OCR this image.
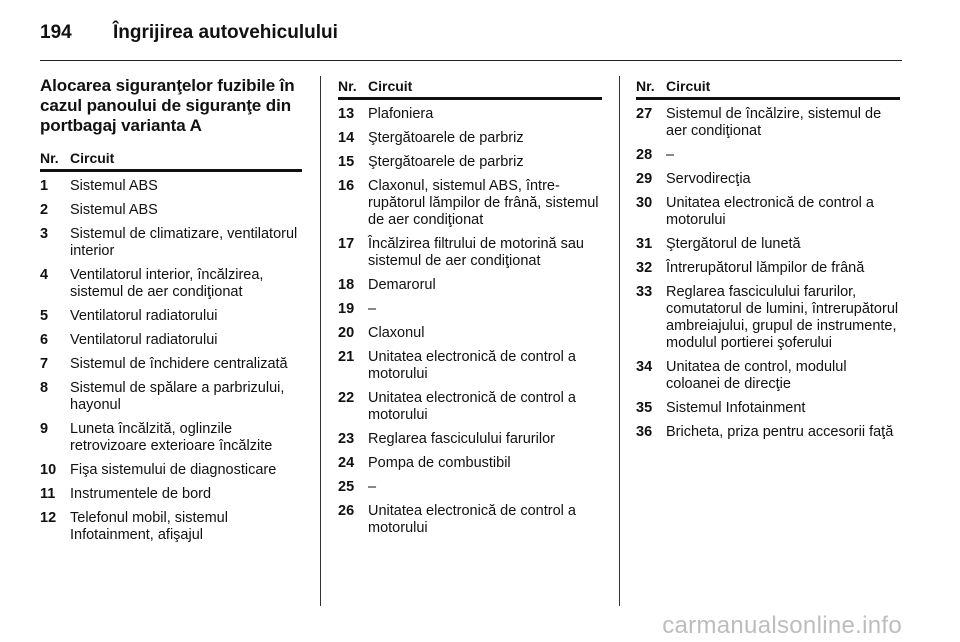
194	Îngrijirea autovehiculului
Alocarea siguranţelor fuzibile în
cazul panoului de siguranţe din
portbagaj varianta A
Nr. Circuit
1	Sistemul ABS
2	Sistemul ABS
3	Sistemul de climatizare, ventilatorul interior
4	Ventilatorul interior, încălzirea, sistemul de aer condiţionat
5	Ventilatorul radiatorului
6	Ventilatorul radiatorului
7	Sistemul de închidere centralizată
8	Sistemul de spălare a parbrizului, hayonul
9	Luneta încălzită, oglinzile retrovizoare exterioare încălzite
10 Fişa sistemului de diagnosticare
11	Instrumentele de bord
12 Telefonul mobil, sistemul Infotainment, afişajul
Nr. Circuit
13 Plafoniera
14 Ştergătoarele de parbriz
15 Ştergătoarele de parbriz
16 Claxonul, sistemul ABS, întrerupătorul lămpilor de frână, sistemul de aer condiţionat
17 Încălzirea filtrului de motorină sau sistemul de aer condiţionat
18 Demarorul
19 –
20 Claxonul
21 Unitatea electronică de control a motorului
22 Unitatea electronică de control a motorului
23 Reglarea fasciculului farurilor
24 Pompa de combustibil
25 –
26 Unitatea electronică de control a motorului
Nr. Circuit
27 Sistemul de încălzire, sistemul de aer condiţionat
28 –
29 Servodirecţia
30 Unitatea electronică de control a motorului
31 Ştergătorul de lunetă
32 Întrerupătorul lămpilor de frână
33 Reglarea fasciculului farurilor, comutatorul de lumini, întrerupătorul ambreiajului, grupul de instrumente, modulul portierei şoferului
34 Unitatea de control, modulul coloanei de direcţie
35 Sistemul Infotainment
36 Bricheta, priza pentru accesorii faţă
carmanualsonline.info
